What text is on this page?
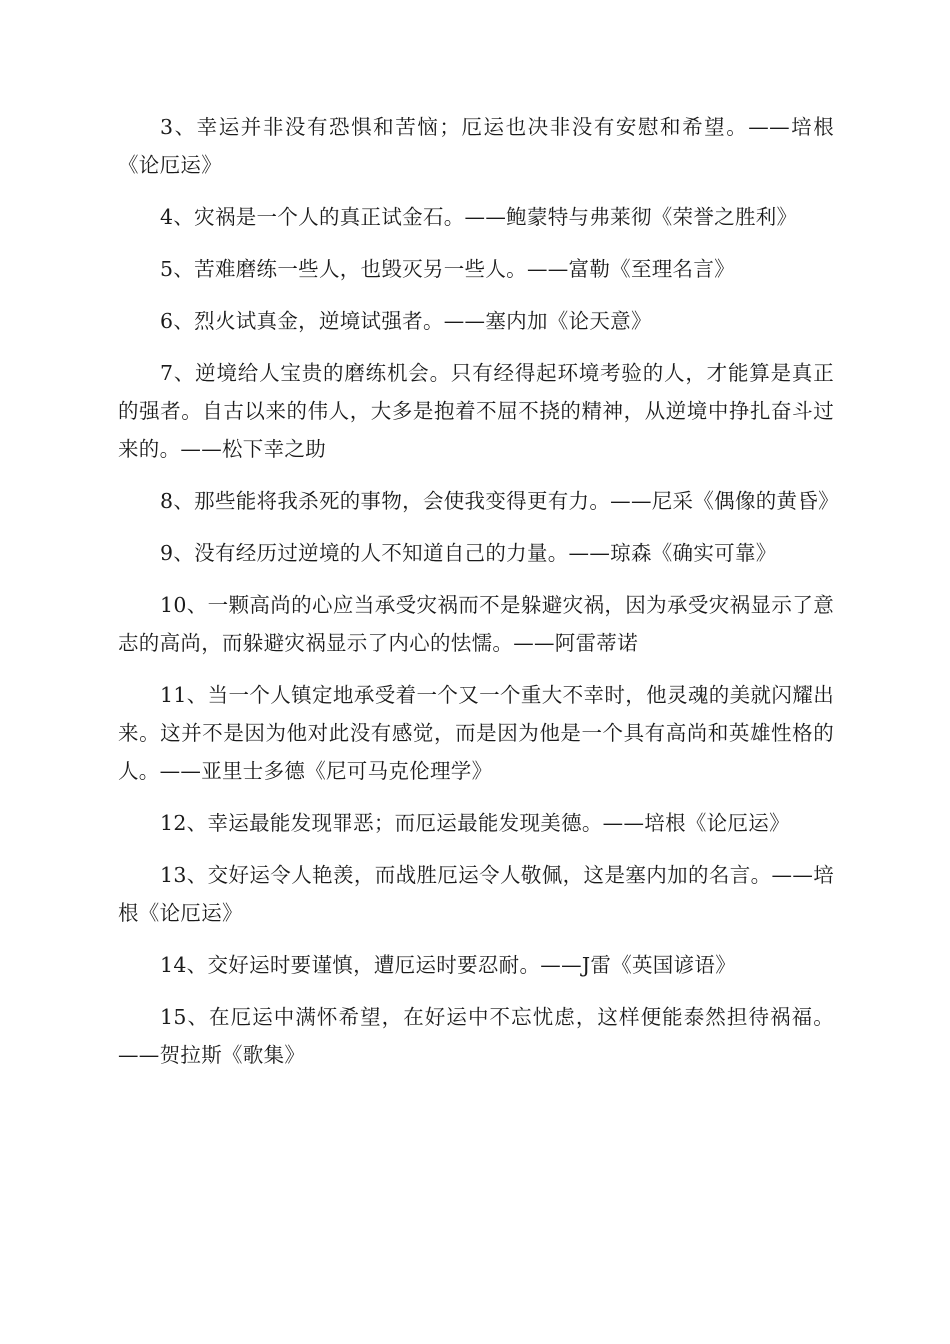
3、幸运并非没有恐惧和苦恼；厄运也决非没有安慰和希望。——培根《论厄运》

4、灾祸是一个人的真正试金石。——鲍蒙特与弗莱彻《荣誉之胜利》

5、苦难磨练一些人，也毁灭另一些人。——富勒《至理名言》

6、烈火试真金，逆境试强者。——塞内加《论天意》

7、逆境给人宝贵的磨练机会。只有经得起环境考验的人，才能算是真正的强者。自古以来的伟人，大多是抱着不屈不挠的精神，从逆境中挣扎奋斗过来的。——松下幸之助

8、那些能将我杀死的事物，会使我变得更有力。——尼采《偶像的黄昏》

9、没有经历过逆境的人不知道自己的力量。——琼森《确实可靠》

10、一颗高尚的心应当承受灾祸而不是躲避灾祸，因为承受灾祸显示了意志的高尚，而躲避灾祸显示了内心的怯懦。——阿雷蒂诺

11、当一个人镇定地承受着一个又一个重大不幸时，他灵魂的美就闪耀出来。这并不是因为他对此没有感觉，而是因为他是一个具有高尚和英雄性格的人。——亚里士多德《尼可马克伦理学》

12、幸运最能发现罪恶；而厄运最能发现美德。——培根《论厄运》

13、交好运令人艳羡，而战胜厄运令人敬佩，这是塞内加的名言。——培根《论厄运》

14、交好运时要谨慎，遭厄运时要忍耐。——J雷《英国谚语》

15、在厄运中满怀希望，在好运中不忘忧虑，这样便能泰然担待祸福。——贺拉斯《歌集》
